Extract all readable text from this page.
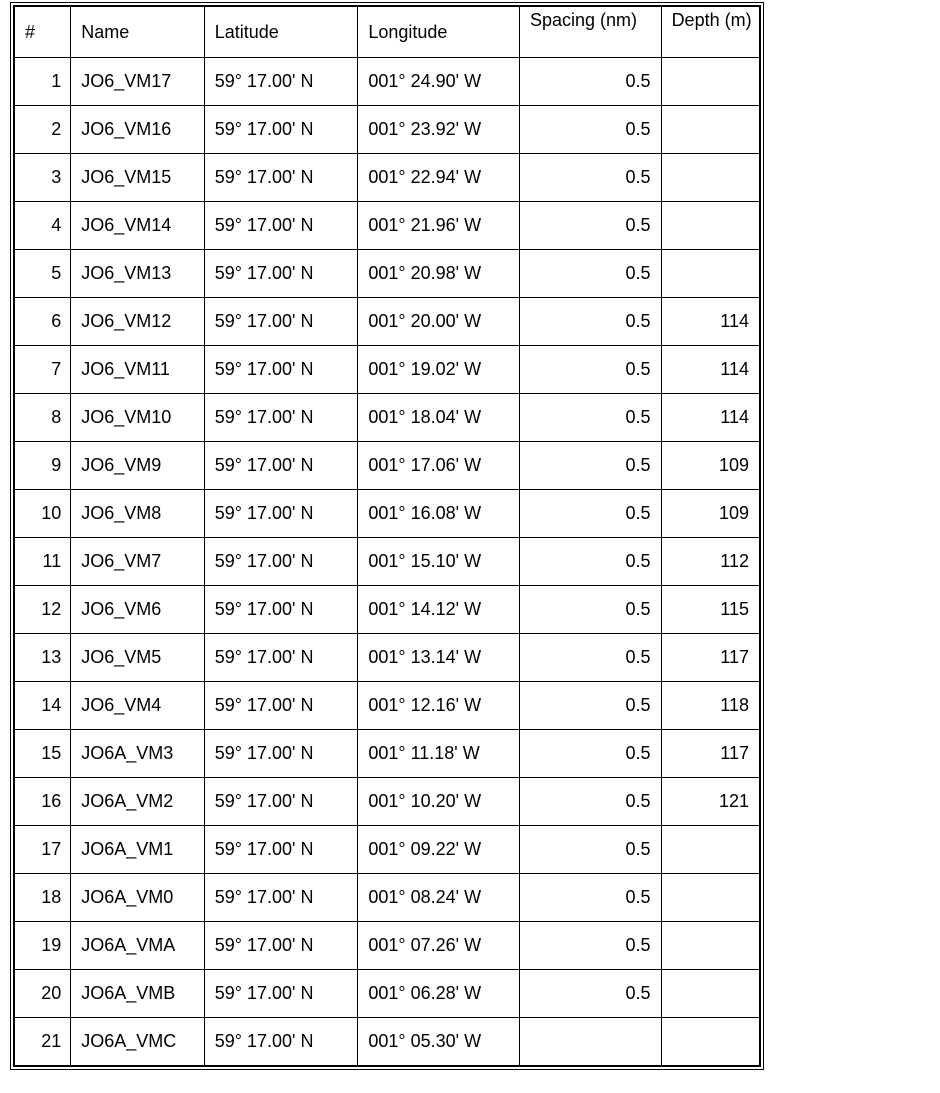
#	Name	Latitude	Longitude	Spacing (nm)	Depth (m)
1	JO6_VM17	59° 17.00' N	001° 24.90' W	0.5	
2	JO6_VM16	59° 17.00' N	001° 23.92' W	0.5	
3	JO6_VM15	59° 17.00' N	001° 22.94' W	0.5	
4	JO6_VM14	59° 17.00' N	001° 21.96' W	0.5	
5	JO6_VM13	59° 17.00' N	001° 20.98' W	0.5	
6	JO6_VM12	59° 17.00' N	001° 20.00' W	0.5	114
7	JO6_VM11	59° 17.00' N	001° 19.02' W	0.5	114
8	JO6_VM10	59° 17.00' N	001° 18.04' W	0.5	114
9	JO6_VM9	59° 17.00' N	001° 17.06' W	0.5	109
10	JO6_VM8	59° 17.00' N	001° 16.08' W	0.5	109
11	JO6_VM7	59° 17.00' N	001° 15.10' W	0.5	112
12	JO6_VM6	59° 17.00' N	001° 14.12' W	0.5	115
13	JO6_VM5	59° 17.00' N	001° 13.14' W	0.5	117
14	JO6_VM4	59° 17.00' N	001° 12.16' W	0.5	118
15	JO6A_VM3	59° 17.00' N	001° 11.18' W	0.5	117
16	JO6A_VM2	59° 17.00' N	001° 10.20' W	0.5	121
17	JO6A_VM1	59° 17.00' N	001° 09.22' W	0.5	
18	JO6A_VM0	59° 17.00' N	001° 08.24' W	0.5	
19	JO6A_VMA	59° 17.00' N	001° 07.26' W	0.5	
20	JO6A_VMB	59° 17.00' N	001° 06.28' W	0.5	
21	JO6A_VMC	59° 17.00' N	001° 05.30' W		
